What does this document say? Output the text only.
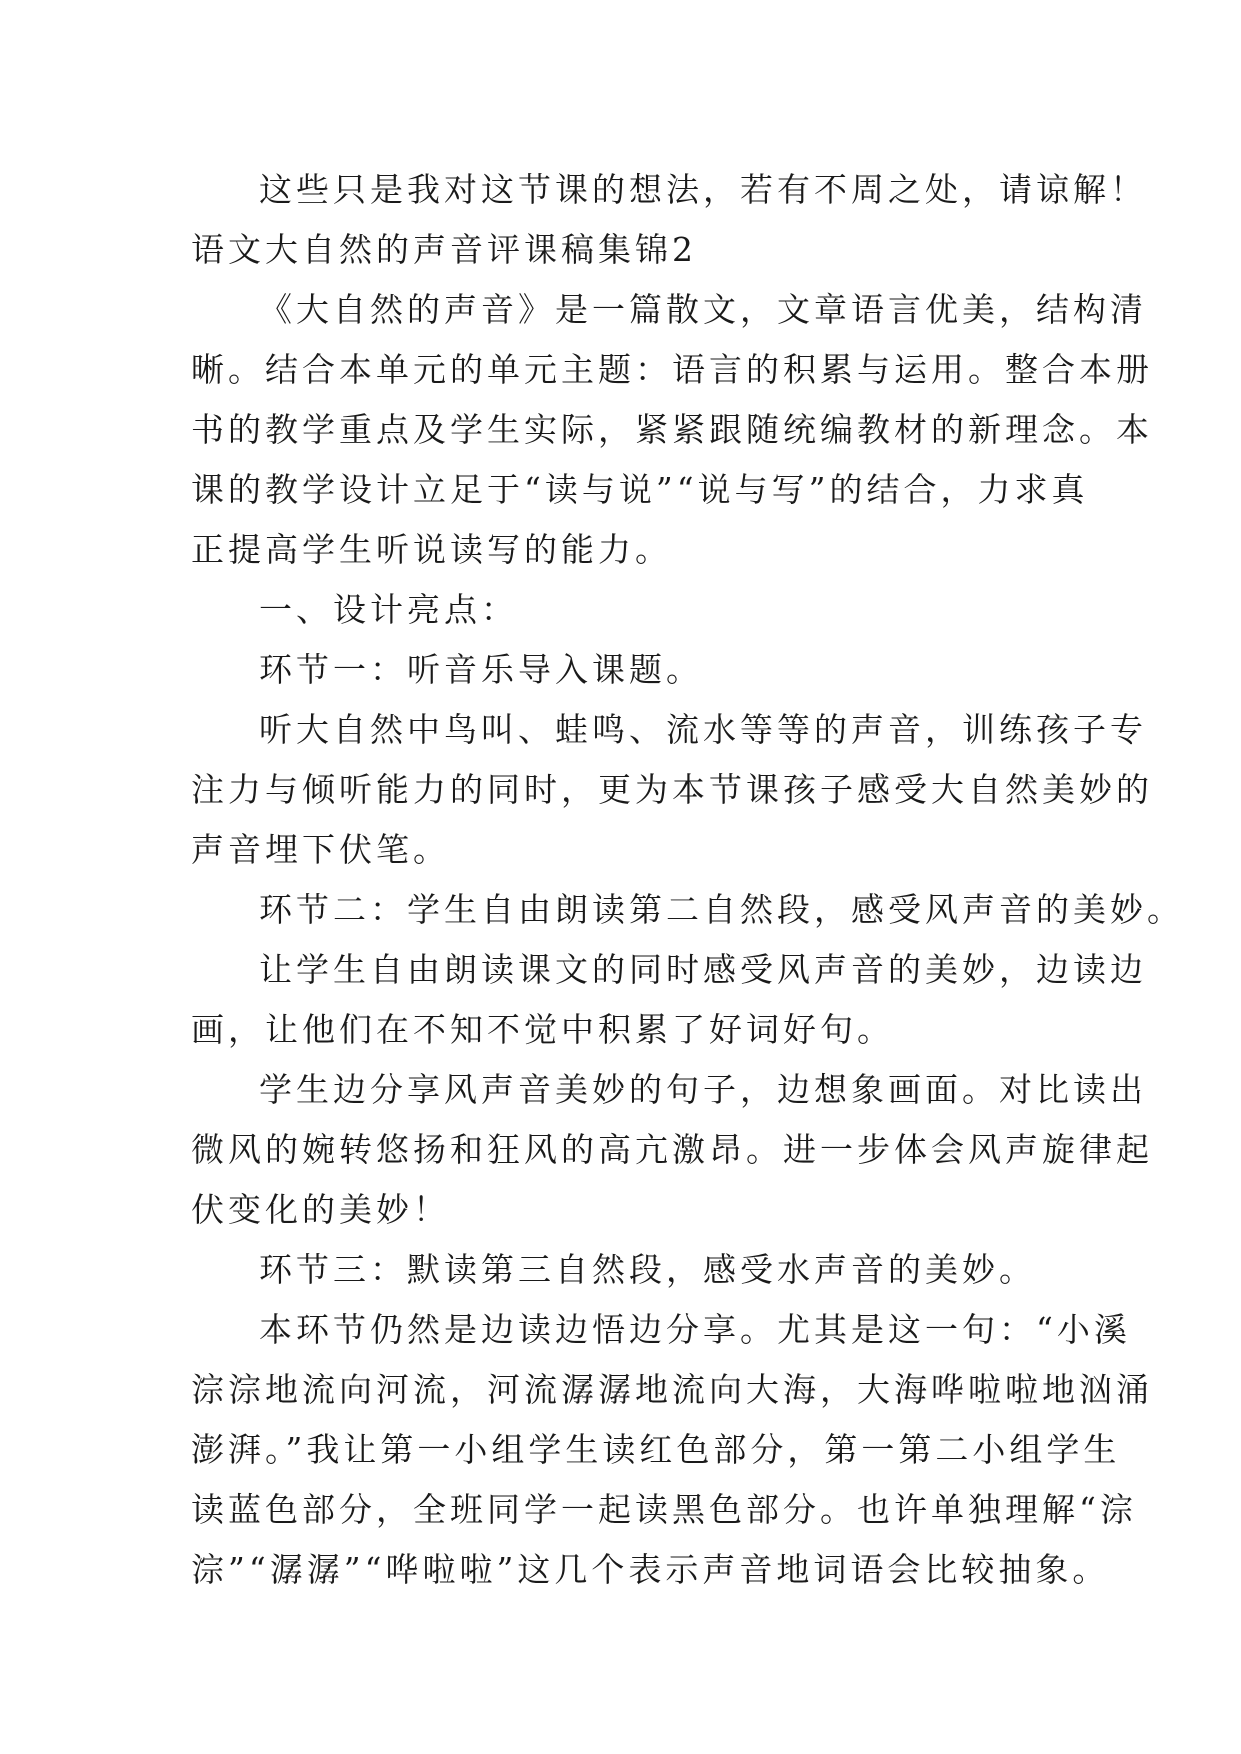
这些只是我对这节课的想法，若有不周之处，请谅解！
语文大自然的声音评课稿集锦2
《大自然的声音》是一篇散文，文章语言优美，结构清
晰。结合本单元的单元主题：语言的积累与运用。整合本册
书的教学重点及学生实际，紧紧跟随统编教材的新理念。本
课的教学设计立足于“读与说”“说与写”的结合，力求真
正提高学生听说读写的能力。
一、设计亮点：
环节一：听音乐导入课题。
听大自然中鸟叫、蛙鸣、流水等等的声音，训练孩子专
注力与倾听能力的同时，更为本节课孩子感受大自然美妙的
声音埋下伏笔。
环节二：学生自由朗读第二自然段，感受风声音的美妙。
让学生自由朗读课文的同时感受风声音的美妙，边读边
画，让他们在不知不觉中积累了好词好句。
学生边分享风声音美妙的句子，边想象画面。对比读出
微风的婉转悠扬和狂风的高亢激昂。进一步体会风声旋律起
伏变化的美妙！
环节三：默读第三自然段，感受水声音的美妙。
本环节仍然是边读边悟边分享。尤其是这一句：“小溪
淙淙地流向河流，河流潺潺地流向大海，大海哗啦啦地汹涌
澎湃。”我让第一小组学生读红色部分，第一第二小组学生
读蓝色部分，全班同学一起读黑色部分。也许单独理解“淙
淙”“潺潺”“哗啦啦”这几个表示声音地词语会比较抽象。
